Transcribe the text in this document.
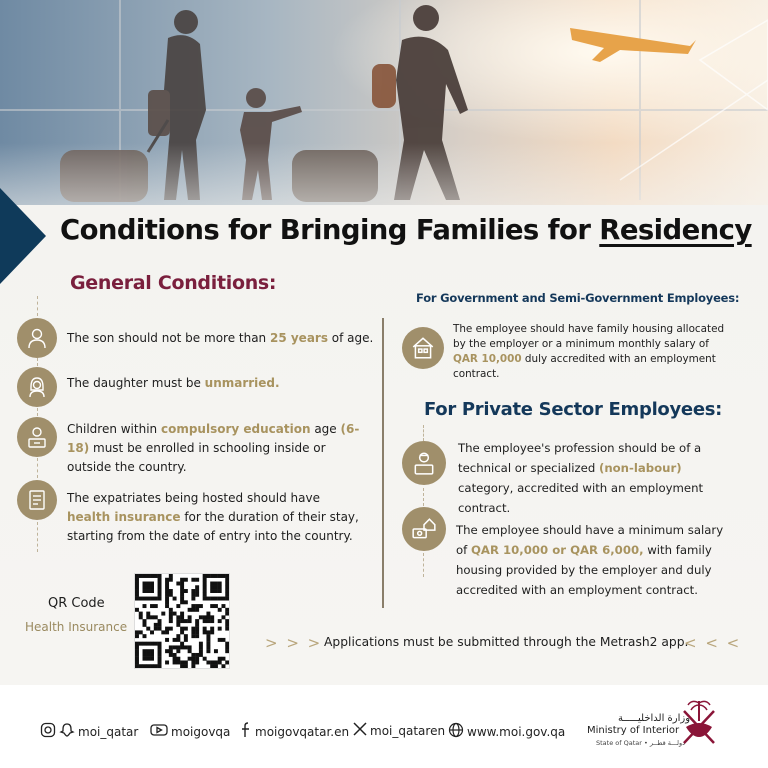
Conditions for Bringing Families for Residency
General Conditions:
The son should not be more than 25 years of age.
The daughter must be unmarried.
Children within compulsory education age (6-18) must be enrolled in schooling inside or outside the country.
The expatriates being hosted should have health insurance for the duration of their stay, starting from the date of entry into the country.
For Government and Semi-Government Employees:
The employee should have family housing allocated by the employer or a minimum monthly salary of QAR 10,000 duly accredited with an employment contract.
For Private Sector Employees:
The employee's profession should be of a technical or specialized (non-labour) category, accredited with an employment contract.
The employee should have a minimum salary of QAR 10,000 or QAR 6,000, with family housing provided by the employer and duly accredited with an employment contract.
QR Code
Health Insurance
> > > Applications must be submitted through the Metrash2 app.
< < <
moi_qatar	moigovqa moigovqatar.en moi_qataren www.moi.gov.qa
وزارة الداخليـــــة
Ministry of Interior
State of Qatar • دولـــة قطــر
